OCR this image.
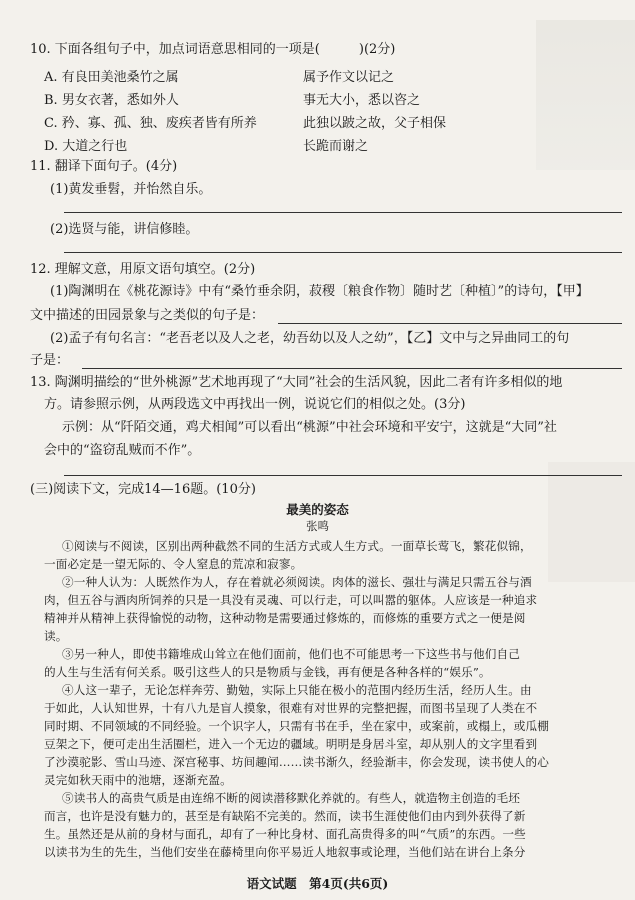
10. 下面各组句子中，加点词语意思相同的一项是(　　　)(2分)
A. 有良田美池桑竹之属	属予作文以记之
B. 男女衣著，悉如外人	事无大小，悉以咨之
C. 矜、寡、孤、独、废疾者皆有所养	此独以跛之故，父子相保
D. 大道之行也	长跪而谢之
11. 翻译下面句子。(4分)
(1)黄发垂髫，并怡然自乐。
(2)选贤与能，讲信修睦。
12. 理解文意，用原文语句填空。(2分)
(1)陶渊明在《桃花源诗》中有“桑竹垂余阴，菽稷〔粮食作物〕随时艺〔种植〕”的诗句，【甲】
文中描述的田园景象与之类似的句子是：
(2)孟子有句名言：“老吾老以及人之老，幼吾幼以及人之幼”，【乙】文中与之异曲同工的句
子是：
13. 陶渊明描绘的“世外桃源”艺术地再现了“大同”社会的生活风貌，因此二者有许多相似的地
方。请参照示例，从两段选文中再找出一例，说说它们的相似之处。(3分)
示例：从“阡陌交通，鸡犬相闻”可以看出“桃源”中社会环境和平安宁，这就是“大同”社
会中的“盗窃乱贼而不作”。
(三)阅读下文，完成14—16题。(10分)
最美的姿态
张鸣
①阅读与不阅读，区别出两种截然不同的生活方式或人生方式。一面草长莺飞，繁花似锦，
一面必定是一望无际的、令人窒息的荒凉和寂寥。
②一种人认为：人既然作为人，存在着就必须阅读。肉体的滋长、强壮与满足只需五谷与酒
肉，但五谷与酒肉所饲养的只是一具没有灵魂、可以行走，可以叫嚣的躯体。人应该是一种追求
精神并从精神上获得愉悦的动物，这种动物是需要通过修炼的，而修炼的重要方式之一便是阅
读。
③另一种人，即使书籍堆成山耸立在他们面前，他们也不可能思考一下这些书与他们自己
的人生与生活有何关系。吸引这些人的只是物质与金钱，再有便是各种各样的“娱乐”。
④人这一辈子，无论怎样奔劳、勤勉，实际上只能在极小的范围内经历生活，经历人生。由
于如此，人认知世界，十有八九是盲人摸象，很难有对世界的完整把握，而图书呈现了人类在不
同时期、不同领域的不同经验。一个识字人，只需有书在手，坐在家中，或案前，或榻上，或瓜棚
豆架之下，便可走出生活圈栏，进入一个无边的疆域。明明是身居斗室，却从别人的文字里看到
了沙漠驼影、雪山马迹、深宫秘事、坊间趣闻……读书渐久，经验渐丰，你会发现，读书使人的心
灵完如秋天雨中的池塘，逐渐充盈。
⑤读书人的高贵气质是由连绵不断的阅读潜移默化养就的。有些人，就造物主创造的毛坯
而言，也许是没有魅力的，甚至是有缺陷不完美的。然而，读书生涯使他们由内到外获得了新
生。虽然还是从前的身材与面孔，却有了一种比身材、面孔高贵得多的叫“气质”的东西。一些
以读书为生的先生，当他们安坐在藤椅里向你平易近人地叙事或论理，当他们站在讲台上条分
语文试题　第4页(共6页)
